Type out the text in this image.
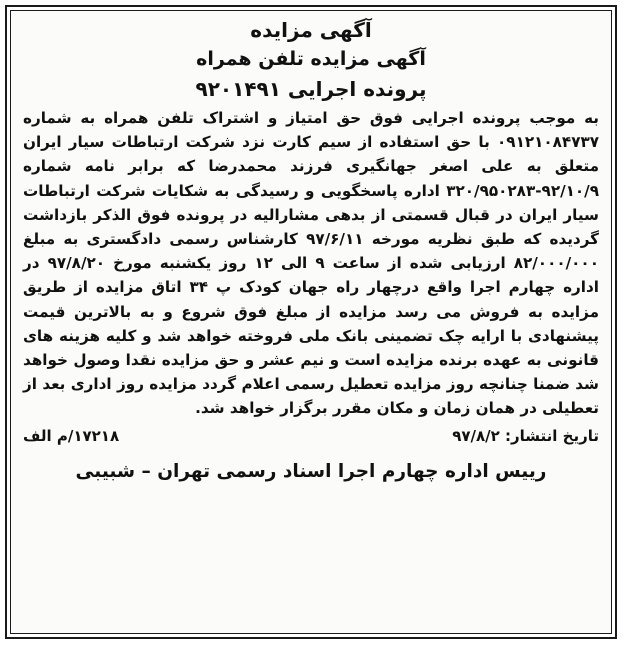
آگهی مزایده

آگهی مزایده تلفن همراه

پرونده اجرایی ۹۲۰۱۴۹۱

به موجب پرونده اجرایی فوق حق امتیاز و اشتراک تلفن همراه به شماره ۰۹۱۲۱۰۸۴۷۳۷ با حق استفاده از سیم کارت نزد شرکت ارتباطات سیار ایران متعلق به علی اصغر جهانگیری فرزند محمدرضا که برابر نامه شماره ۹۲/۱۰/۹-۳۲۰/۹۵۰۲۸۳ اداره پاسخگویی و رسیدگی به شکایات شرکت ارتباطات سیار ایران در قبال قسمتی از بدهی مشارالیه در پرونده فوق الذکر بازداشت گردیده که طبق نظریه مورخه ۹۷/۶/۱۱ کارشناس رسمی دادگستری به مبلغ ۸۲/۰۰۰/۰۰۰ ارزیابی شده از ساعت ۹ الی ۱۲ روز یکشنبه مورخ ۹۷/۸/۲۰ در اداره چهارم اجرا واقع درچهار راه جهان کودک پ ۳۴ اتاق مزایده از طریق مزایده به فروش می رسد مزایده از مبلغ فوق شروع و به بالاترین قیمت پیشنهادی با ارایه چک تضمینی بانک ملی فروخته خواهد شد و کلیه هزینه های قانونی به عهده برنده مزایده است و نیم عشر و حق مزایده نقدا وصول خواهد شد ضمنا چنانچه روز مزایده تعطیل رسمی اعلام گردد مزایده روز اداری بعد از تعطیلی در همان زمان و مکان مقرر برگزار خواهد شد.
تاریخ انتشار: ۹۷/۸/۲
۱۷۲۱۸/م الف
رییس اداره چهارم اجرا اسناد رسمی تهران – شبیبی
